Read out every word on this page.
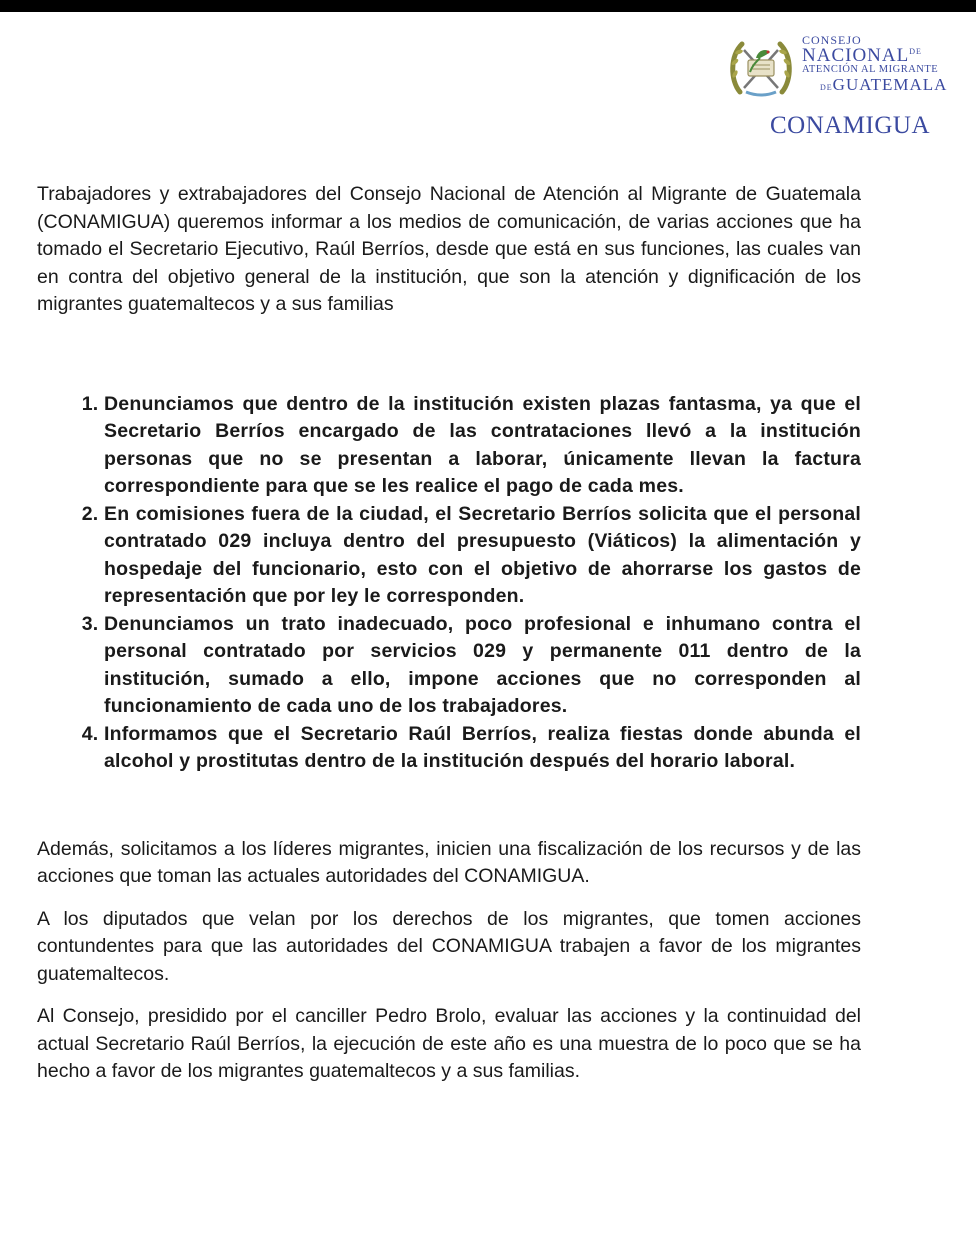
CONSEJO
$NACIONAL^{DE}$
ATENCIÓN AL MIGRANTE
DEGUATEMALA
CONAMIGUA

Trabajadores y extrabajadores del Consejo Nacional de Atención al Migrante de Guatemala (CONAMIGUA) queremos informar a los medios de comunicación, de varias acciones que ha tomado el Secretario Ejecutivo, Raúl Berríos, desde que está en sus funciones, las cuales van en contra del objetivo general de la institución, que son la atención y dignificación de los migrantes guatemaltecos y a sus familias

1. Denunciamos que dentro de la institución existen plazas fantasma, ya que el Secretario Berríos encargado de las contrataciones llevó a la institución personas que no se presentan a laborar, únicamente llevan la factura correspondiente para que se les realice el pago de cada mes.
2. En comisiones fuera de la ciudad, el Secretario Berríos solicita que el personal contratado 029 incluya dentro del presupuesto (Viáticos) la alimentación y hospedaje del funcionario, esto con el objetivo de ahorrarse los gastos de representación que por ley le corresponden.
3. Denunciamos un trato inadecuado, poco profesional e inhumano contra el personal contratado por servicios 029 y permanente 011 dentro de la institución, sumado a ello, impone acciones que no corresponden al funcionamiento de cada uno de los trabajadores.
4. Informamos que el Secretario Raúl Berríos, realiza fiestas donde abunda el alcohol y prostitutas dentro de la institución después del horario laboral.

Además, solicitamos a los líderes migrantes, inicien una fiscalización de los recursos y de las acciones que toman las actuales autoridades del CONAMIGUA.

A los diputados que velan por los derechos de los migrantes, que tomen acciones contundentes para que las autoridades del CONAMIGUA trabajen a favor de los migrantes guatemaltecos.

Al Consejo, presidido por el canciller Pedro Brolo, evaluar las acciones y la continuidad del actual Secretario Raúl Berríos, la ejecución de este año es una muestra de lo poco que se ha hecho a favor de los migrantes guatemaltecos y a sus familias.
